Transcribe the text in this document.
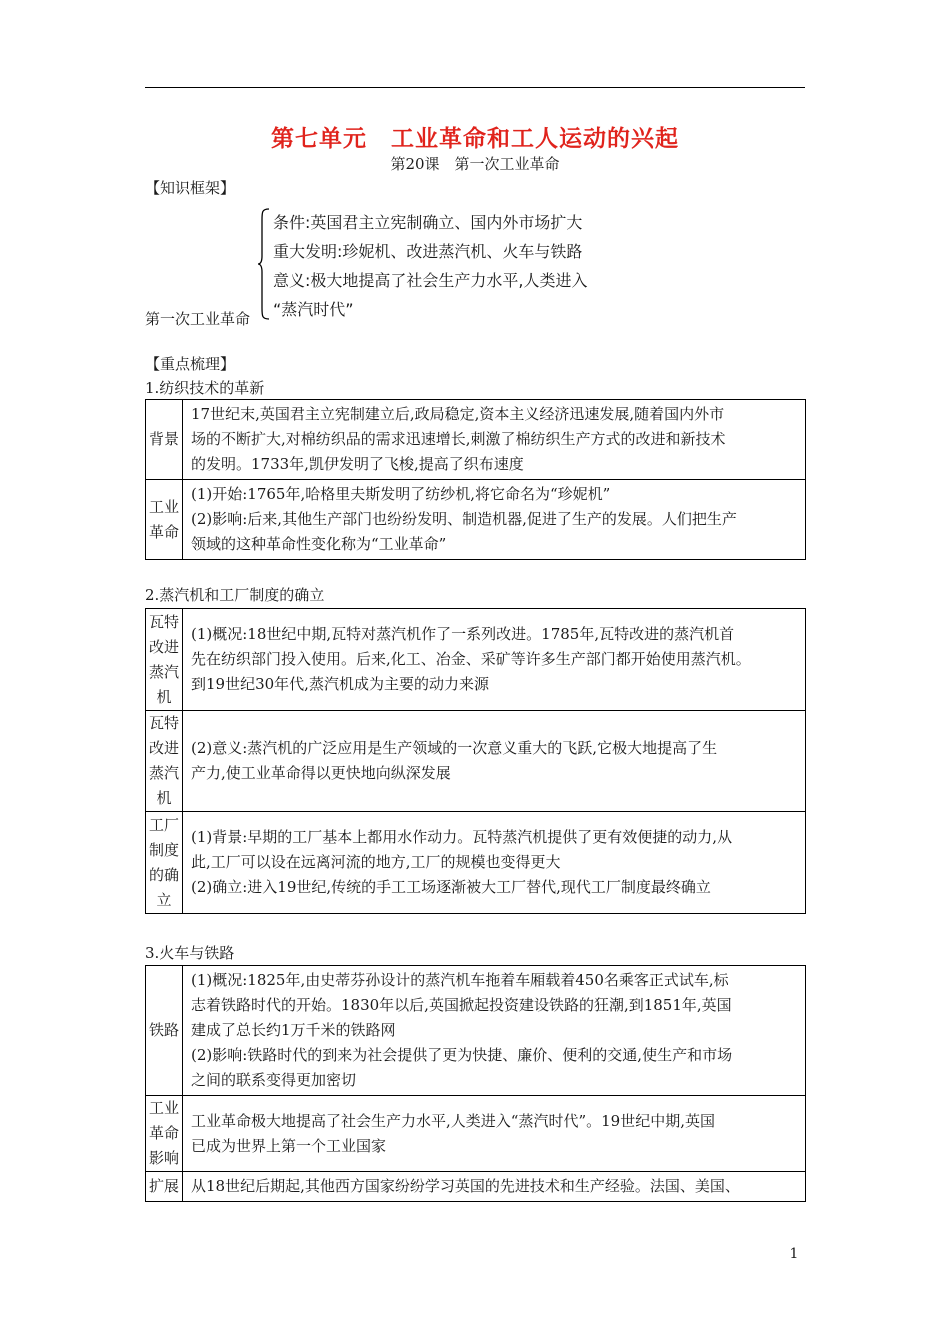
第七单元　工业革命和工人运动的兴起
第20课　第一次工业革命
【知识框架】
条件:英国君主立宪制确立、国内外市场扩大
重大发明:珍妮机、改进蒸汽机、火车与铁路
意义:极大地提高了社会生产力水平,人类进入
“蒸汽时代”
第一次工业革命
【重点梳理】
1.纺织技术的革新
背景	17世纪末,英国君主立宪制建立后,政局稳定,资本主义经济迅速发展,随着国内外市
场的不断扩大,对棉纺织品的需求迅速增长,刺激了棉纺织生产方式的改进和新技术
的发明。1733年,凯伊发明了飞梭,提高了织布速度

工业革命	(1)开始:1765年,哈格里夫斯发明了纺纱机,将它命名为“珍妮机”
(2)影响:后来,其他生产部门也纷纷发明、制造机器,促进了生产的发展。人们把生产
领域的这种革命性变化称为“工业革命”
2.蒸汽机和工厂制度的确立
瓦特改进蒸汽机	(1)概况:18世纪中期,瓦特对蒸汽机作了一系列改进。1785年,瓦特改进的蒸汽机首
先在纺织部门投入使用。后来,化工、冶金、采矿等许多生产部门都开始使用蒸汽机。
到19世纪30年代,蒸汽机成为主要的动力来源

瓦特改进蒸汽机	(2)意义:蒸汽机的广泛应用是生产领域的一次意义重大的飞跃,它极大地提高了生
产力,使工业革命得以更快地向纵深发展

工厂制度的确立	(1)背景:早期的工厂基本上都用水作动力。瓦特蒸汽机提供了更有效便捷的动力,从
此,工厂可以设在远离河流的地方,工厂的规模也变得更大
(2)确立:进入19世纪,传统的手工工场逐渐被大工厂替代,现代工厂制度最终确立
3.火车与铁路
铁路	(1)概况:1825年,由史蒂芬孙设计的蒸汽机车拖着车厢载着450名乘客正式试车,标
志着铁路时代的开始。1830年以后,英国掀起投资建设铁路的狂潮,到1851年,英国
建成了总长约1万千米的铁路网
(2)影响:铁路时代的到来为社会提供了更为快捷、廉价、便利的交通,使生产和市场
之间的联系变得更加密切

工业革命影响	工业革命极大地提高了社会生产力水平,人类进入“蒸汽时代”。19世纪中期,英国
已成为世界上第一个工业国家

扩展	从18世纪后期起,其他西方国家纷纷学习英国的先进技术和生产经验。法国、美国、
1
